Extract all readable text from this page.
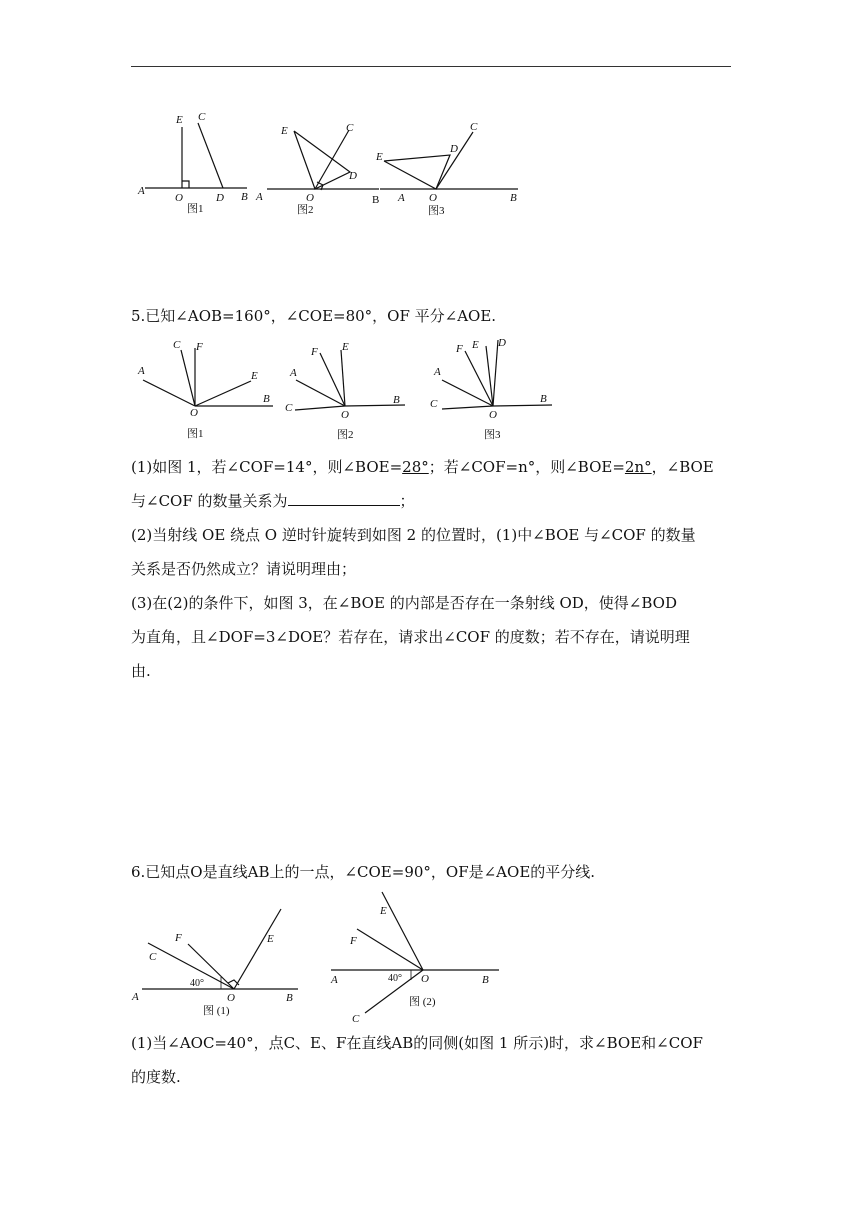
E C
A
O	D B
图1
E	C
D
O
A	B
图2
E
C
D
A O	B
图3
5.已知∠AOB=160°，∠COE=80°，OF 平分∠AOE.
C F
A	E
O
B
图1
F E
A
C
O
B
图2
F E D
A
C
O
B
图3
(1)如图 1，若∠COF=14°，则∠BOE=28°；若∠COF=n°，则∠BOE=2n°，∠BOE
与∠COF 的数量关系为	；
(2)当射线 OE 绕点 O 逆时针旋转到如图 2 的位置时，(1)中∠BOE 与∠COF 的数量
关系是否仍然成立？请说明理由；
(3)在(2)的条件下，如图 3，在∠BOE 的内部是否存在一条射线 OD，使得∠BOD
为直角，且∠DOF=3∠DOE？若存在，请求出∠COF 的度数；若不存在，请说明理
由.
6.已知点O是直线AB上的一点，∠COE=90°，OF是∠AOE的平分线.
F	E
C
40°
A	O	B
图 (1)
E
F
40°
A	O	B
C
图 (2)
(1)当∠AOC=40°，点C、E、F在直线AB的同侧(如图 1 所示)时，求∠BOE和∠COF
的度数.
